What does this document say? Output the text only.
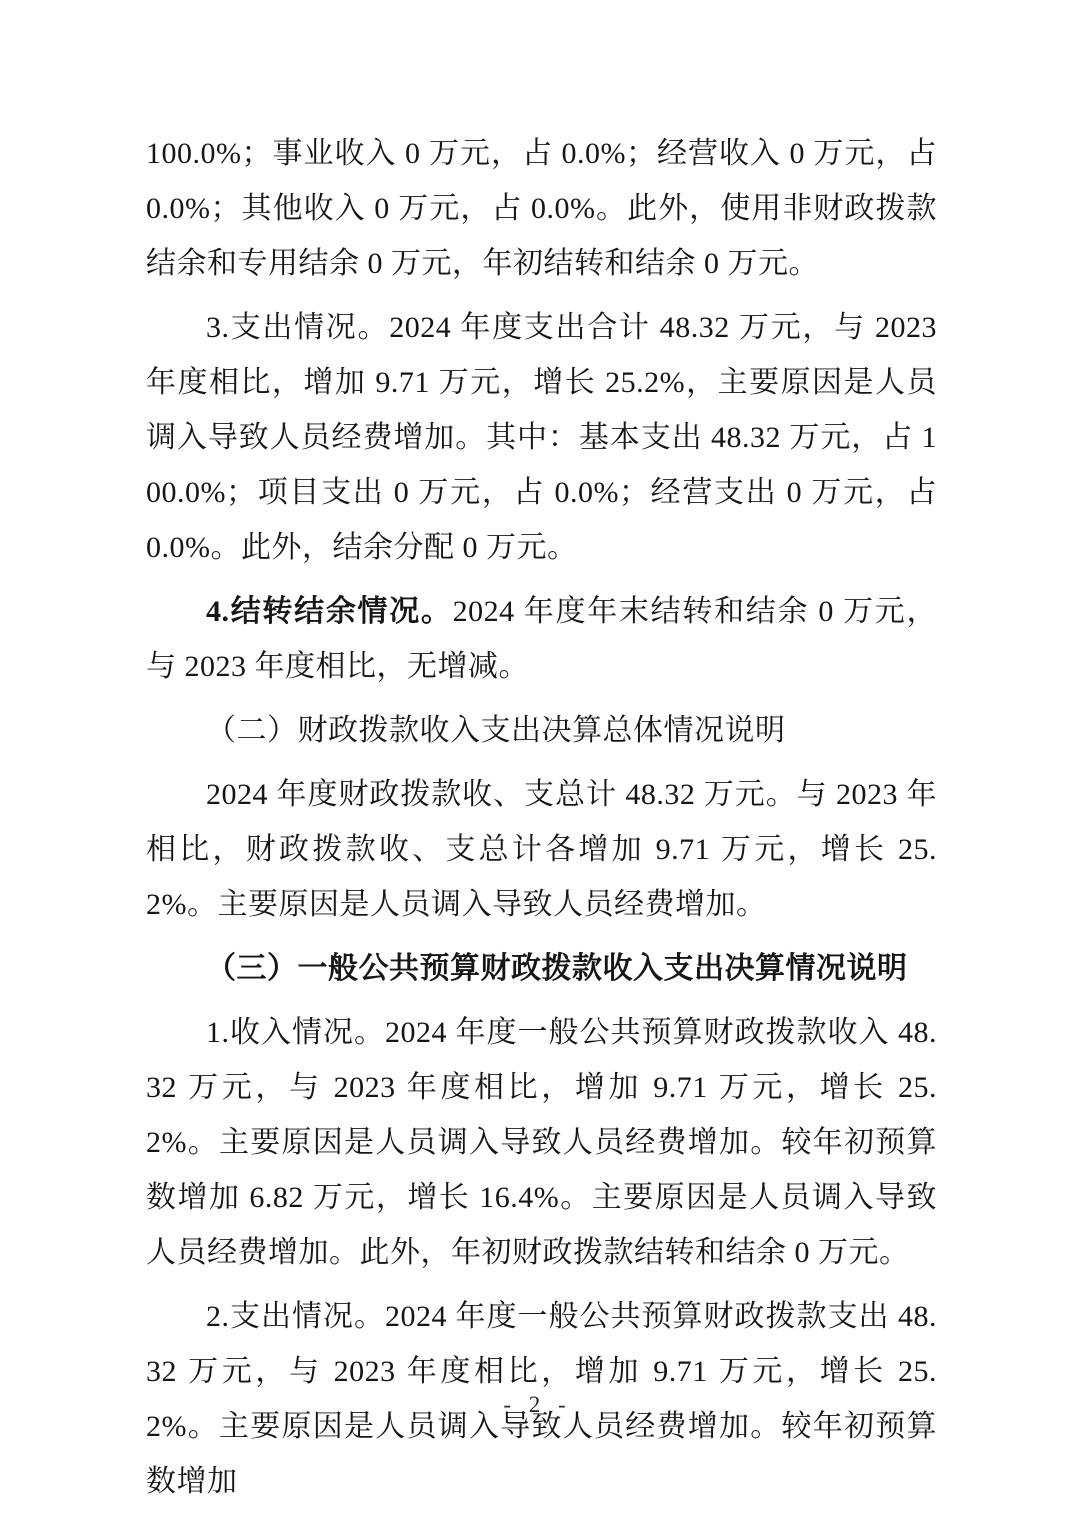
100.0%；事业收入 0 万元，占 0.0%；经营收入 0 万元，占 0.0%；其他收入 0 万元，占 0.0%。此外，使用非财政拨款结余和专用结余 0 万元，年初结转和结余 0 万元。

3.支出情况。2024 年度支出合计 48.32 万元，与 2023 年度相比，增加 9.71 万元，增长 25.2%，主要原因是人员调入导致人员经费增加。其中：基本支出 48.32 万元，占 100.0%；项目支出 0 万元，占 0.0%；经营支出 0 万元，占 0.0%。此外，结余分配 0 万元。

4.结转结余情况。2024 年度年末结转和结余 0 万元，与 2023 年度相比，无增减。

（二）财政拨款收入支出决算总体情况说明

2024 年度财政拨款收、支总计 48.32 万元。与 2023 年相比，财政拨款收、支总计各增加 9.71 万元，增长 25.2%。主要原因是人员调入导致人员经费增加。

（三）一般公共预算财政拨款收入支出决算情况说明

1.收入情况。2024 年度一般公共预算财政拨款收入 48.32 万元，与 2023 年度相比，增加 9.71 万元，增长 25.2%。主要原因是人员调入导致人员经费增加。较年初预算数增加 6.82 万元，增长 16.4%。主要原因是人员调入导致人员经费增加。此外，年初财政拨款结转和结余 0 万元。

2.支出情况。2024 年度一般公共预算财政拨款支出 48.32 万元，与 2023 年度相比，增加 9.71 万元，增长 25.2%。主要原因是人员调入导致人员经费增加。较年初预算数增加

- 2 -
